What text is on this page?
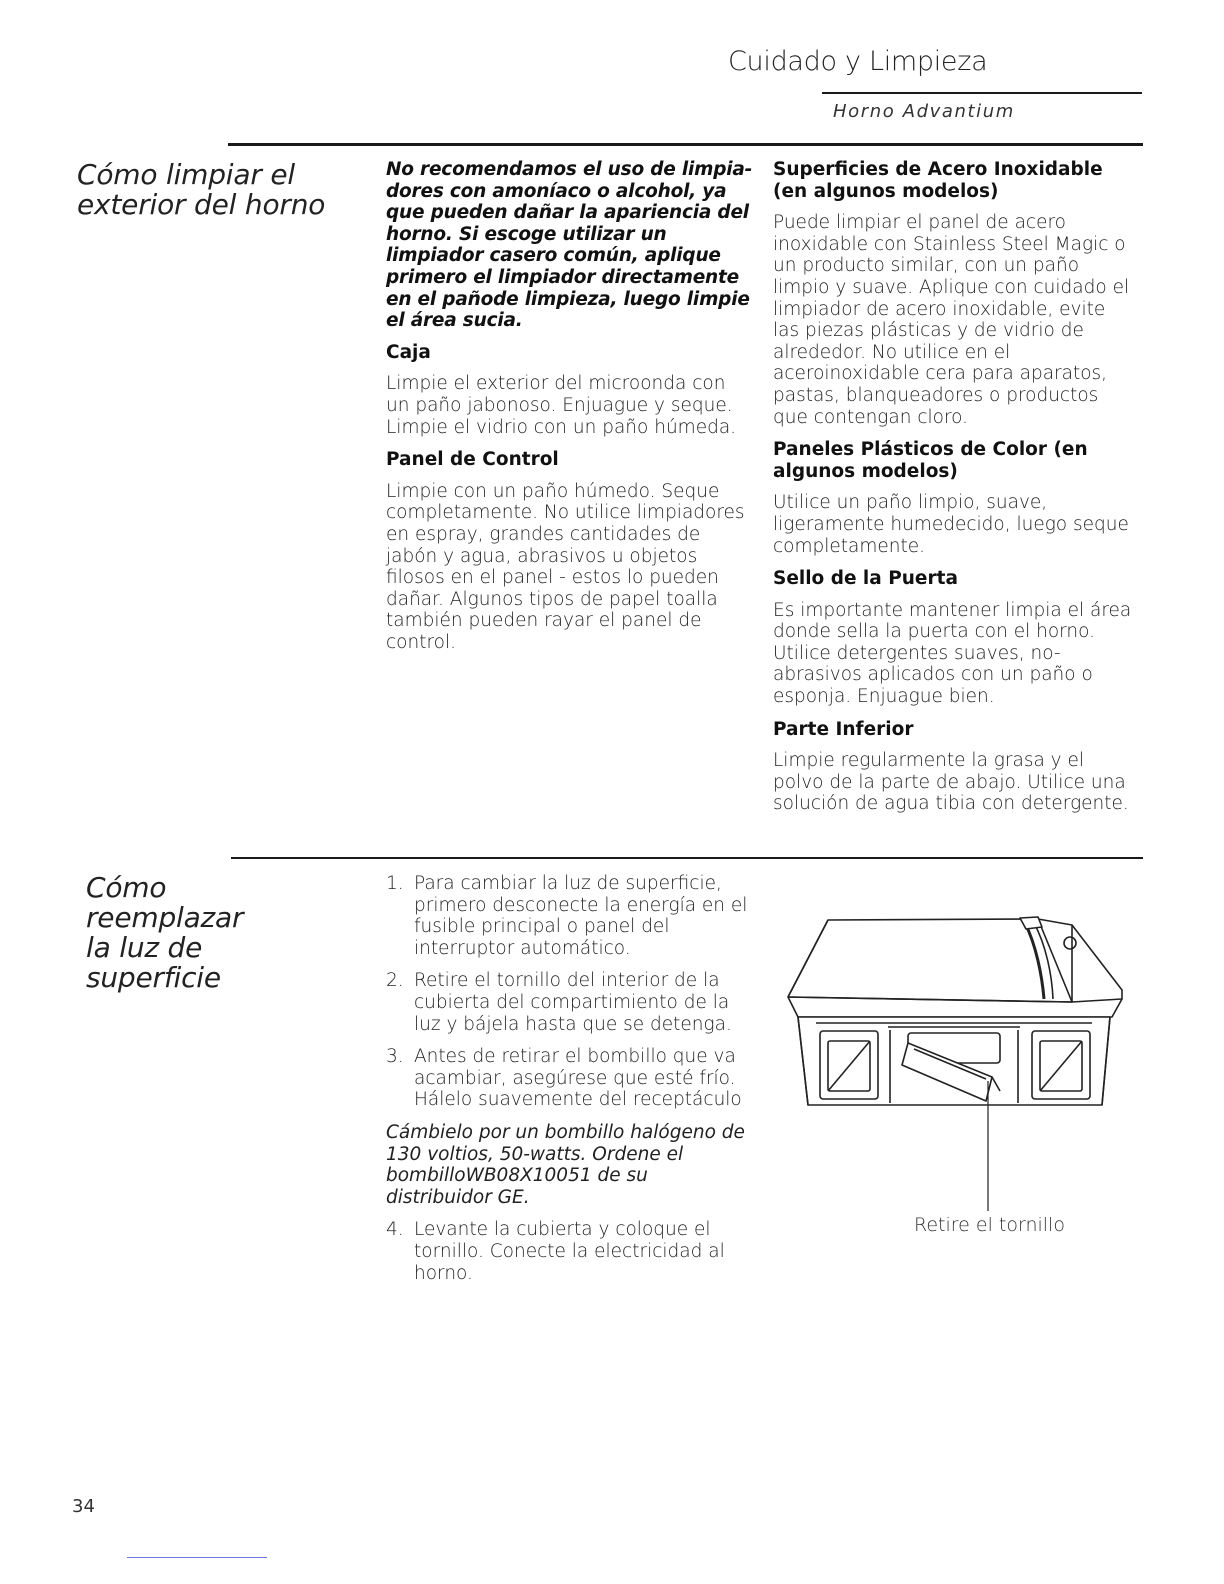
Cuidado y Limpieza
Horno Advantium
Cómo limpiar el
exterior del horno

No recomendamos el uso de limpia-dores con amoníaco o alcohol, ya que pueden dañar la apariencia del horno. Si escoge utilizar un limpiador casero común, aplique primero el limpiador directamente en el pañode limpieza, luego limpie el área sucia.

Caja

Limpie el exterior del microonda con un paño jabonoso. Enjuague y seque. Limpie el vidrio con un paño húmeda.

Panel de Control

Limpie con un paño húmedo. Seque completamente. No utilice limpiadores en espray, grandes cantidades de jabón y agua, abrasivos u objetos filosos en el panel - estos lo pueden dañar. Algunos tipos de papel toalla también pueden rayar el panel de control.

Superficies de Acero Inoxidable (en algunos modelos)

Puede limpiar el panel de acero inoxidable con Stainless Steel Magic o un producto similar, con un paño limpio y suave. Aplique con cuidado el limpiador de acero inoxidable, evite las piezas plásticas y de vidrio de alrededor. No utilice en el aceroinoxidable cera para aparatos, pastas, blanqueadores o productos que contengan cloro.

Paneles Plásticos de Color (en algunos modelos)

Utilice un paño limpio, suave, ligeramente humedecido, luego seque completamente.

Sello de la Puerta

Es importante mantener limpia el área donde sella la puerta con el horno. Utilice detergentes suaves, no-abrasivos aplicados con un paño o esponja. Enjuague bien.

Parte Inferior

Limpie regularmente la grasa y el polvo de la parte de abajo. Utilice una solución de agua tibia con detergente.

Cómo
reemplazar
la luz de
superficie
1. Para cambiar la luz de superficie, primero desconecte la energía en el fusible principal o panel del interruptor automático.
2. Retire el tornillo del interior de la cubierta del compartimiento de la luz y bájela hasta que se detenga.
3. Antes de retirar el bombillo que va acambiar, asegúrese que esté frío. Hálelo suavemente del receptáculo

Cámbielo por un bombillo halógeno de 130 voltios, 50-watts. Ordene el bombilloWB08X10051 de su distribuidor GE.

4. Levante la cubierta y coloque el tornillo. Conecte la electricidad al horno.
Retire el tornillo
34
